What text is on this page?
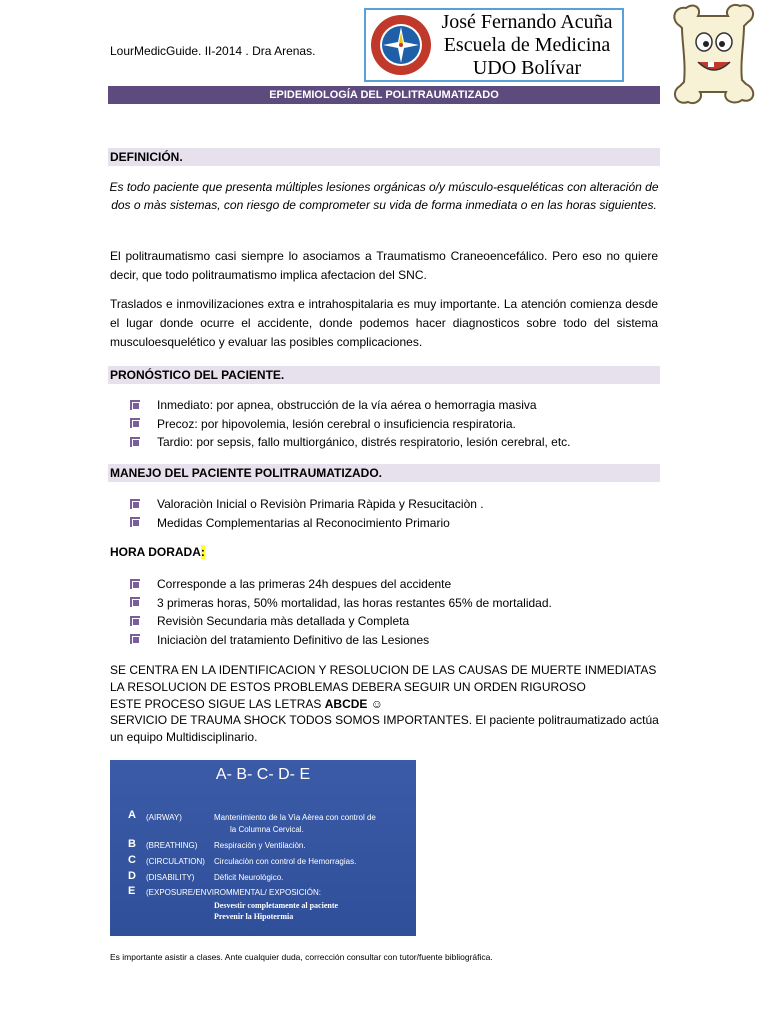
LourMedicGuide. II-2014 . Dra Arenas.
José Fernando Acuña
Escuela de Medicina
UDO Bolívar
EPIDEMIOLOGÍA DEL POLITRAUMATIZADO
DEFINICIÓN.
Es todo paciente que presenta múltiples lesiones orgánicas o/y músculo-esqueléticas con alteración de dos o màs sistemas, con riesgo de comprometer su vida de forma inmediata o en las horas siguientes.
El politraumatismo casi siempre lo asociamos a Traumatismo Craneoencefálico. Pero eso no quiere decir, que todo politraumatismo implica afectacion del SNC.
Traslados e inmovilizaciones extra e intrahospitalaria es muy importante. La atención comienza desde el lugar donde ocurre el accidente, donde podemos hacer diagnosticos sobre todo del sistema musculoesquelético y evaluar las posibles complicaciones.
PRONÓSTICO DEL PACIENTE.
Inmediato: por apnea, obstrucción de la vía aérea o hemorragia masiva
Precoz: por hipovolemia, lesión cerebral o insuficiencia respiratoria.
Tardio: por sepsis, fallo multiorgánico, distrés respiratorio, lesión cerebral, etc.
MANEJO DEL PACIENTE POLITRAUMATIZADO.
Valoraciòn Inicial o Revisiòn Primaria Ràpida y Resucitaciòn .
Medidas Complementarias al Reconocimiento Primario
HORA DORADA:
Corresponde a las primeras 24h despues del accidente
3 primeras horas, 50% mortalidad, las horas restantes 65% de mortalidad.
Revisiòn Secundaria màs detallada y Completa
Iniciaciòn del tratamiento Definitivo de las Lesiones
SE CENTRA EN LA IDENTIFICACION Y RESOLUCION DE LAS CAUSAS DE MUERTE INMEDIATAS
LA RESOLUCION DE ESTOS PROBLEMAS DEBERA SEGUIR UN ORDEN RIGUROSO
ESTE PROCESO SIGUE LAS LETRAS ABCDE ☺
SERVICIO DE TRAUMA SHOCK TODOS SOMOS IMPORTANTES. El paciente politraumatizado actúa un equipo Multidisciplinario.
A- B- C- D- E
A (AIRWAY)	Mantenimiento de la Vìa Aèrea con control de
la Columna Cervical.
B (BREATHING) Respiraciòn y Ventilaciòn.
C (CIRCULATION) Circulaciòn con control de Hemorragias.
D (DISABILITY) Dèficit Neurològico.
E (EXPOSURE/ENVIROMMENTAL/ EXPOSICIÓN:
Desvestir completamente al paciente
Prevenir la Hipotermia
Es importante asistir a clases. Ante cualquier duda, corrección consultar con tutor/fuente bibliográfica.
